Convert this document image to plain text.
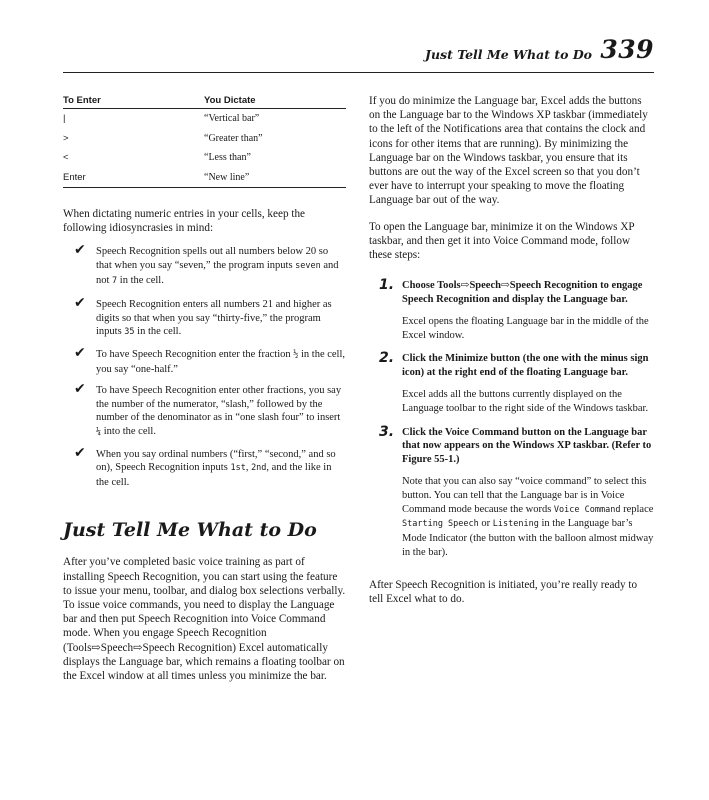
Just Tell Me What to Do 339
To Enter	You Dictate
|	“Vertical bar”
>	“Greater than”
<	“Less than”
Enter	“New line”

When dictating numeric entries in your cells, keep the following idiosyncrasies in mind:

✔ Speech Recognition spells out all numbers below 20 so that when you say “seven,” the program inputs seven and not 7 in the cell.
✔ Speech Recognition enters all numbers 21 and higher as digits so that when you say “thirty-five,” the program inputs 35 in the cell.
✔ To have Speech Recognition enter the fraction ½ in the cell, you say “one-half.”
✔ To have Speech Recognition enter other fractions, you say the number of the numerator, “slash,” followed by the number of the denominator as in “one slash four” to insert ¼ into the cell.
✔ When you say ordinal numbers (“first,” “second,” and so on), Speech Recognition inputs 1st, 2nd, and the like in the cell.
Just Tell Me What to Do

After you’ve completed basic voice training as part of installing Speech Recognition, you can start using the feature to issue your menu, toolbar, and dialog box selections verbally. To issue voice commands, you need to display the Language bar and then put Speech Recognition into Voice Command mode. When you engage Speech Recognition (Tools⇨Speech⇨Speech Recognition) Excel automatically displays the Language bar, which remains a floating toolbar on the Excel window at all times unless you minimize the bar.

If you do minimize the Language bar, Excel adds the buttons on the Language bar to the Windows XP taskbar (immediately to the left of the Notifications area that contains the clock and icons for other items that are running). By minimizing the Language bar on the Windows taskbar, you ensure that its buttons are out the way of the Excel screen so that you don’t ever have to interrupt your speaking to move the floating Language bar out of the way.

To open the Language bar, minimize it on the Windows XP taskbar, and then get it into Voice Command mode, follow these steps:

1. Choose Tools⇨Speech⇨Speech Recognition to engage Speech Recognition and display the Language bar.
Excel opens the floating Language bar in the middle of the Excel window.
2. Click the Minimize button (the one with the minus sign icon) at the right end of the floating Language bar.
Excel adds all the buttons currently displayed on the Language toolbar to the right side of the Windows taskbar.
3. Click the Voice Command button on the Language bar that now appears on the Windows XP taskbar. (Refer to Figure 55-1.)
Note that you can also say “voice command” to select this button. You can tell that the Language bar is in Voice Command mode because the words Voice Command replace Starting Speech or Listening in the Language bar’s Mode Indicator (the button with the balloon almost midway in the bar).

After Speech Recognition is initiated, you’re really ready to tell Excel what to do.
